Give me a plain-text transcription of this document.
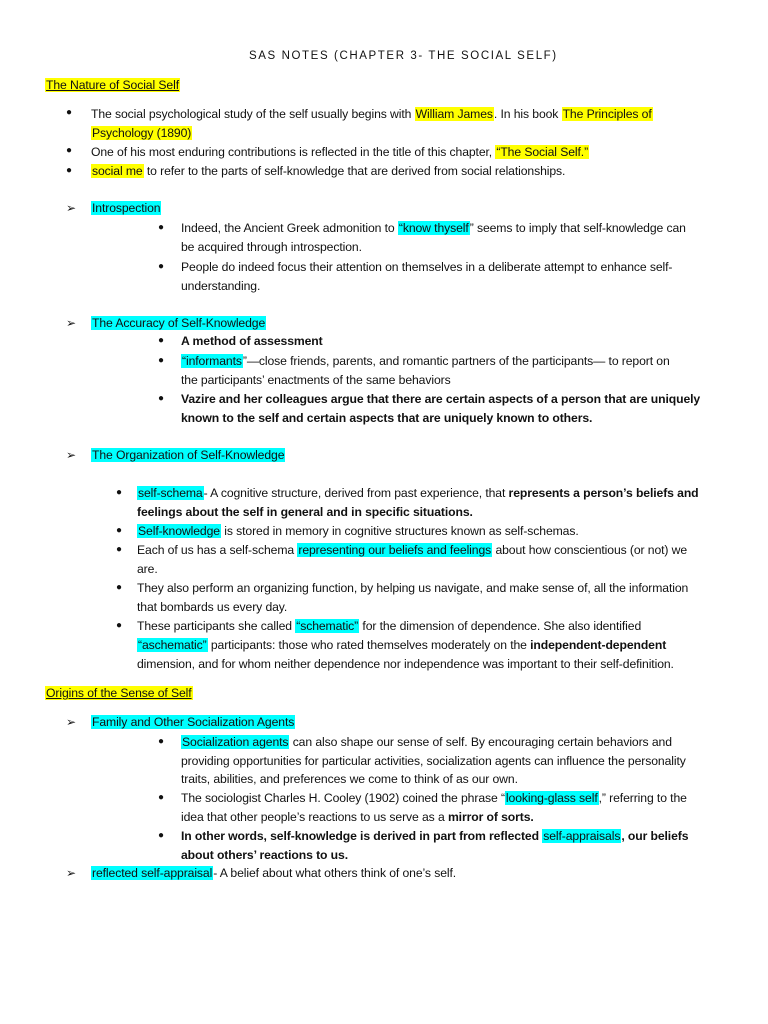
SAS NOTES (CHAPTER 3- THE SOCIAL SELF)
The Nature of Social Self
● The social psychological study of the self usually begins with William James. In his book The Principles of
Psychology (1890)
● One of his most enduring contributions is reflected in the title of this chapter, “The Social Self.”
● social me to refer to the parts of self-knowledge that are derived from social relationships.
➢ Introspection
● Indeed, the Ancient Greek admonition to “know thyself” seems to imply that self-knowledge can
be acquired through introspection.
● People do indeed focus their attention on themselves in a deliberate attempt to enhance self-
understanding.
➢ The Accuracy of Self-Knowledge
● A method of assessment
● “informants”—close friends, parents, and romantic partners of the participants— to report on
the participants’ enactments of the same behaviors
● Vazire and her colleagues argue that there are certain aspects of a person that are uniquely
known to the self and certain aspects that are uniquely known to others.
➢ The Organization of Self-Knowledge
● self-schema- A cognitive structure, derived from past experience, that represents a person’s beliefs and
feelings about the self in general and in specific situations.
● Self-knowledge is stored in memory in cognitive structures known as self-schemas.
● Each of us has a self-schema representing our beliefs and feelings about how conscientious (or not) we
are.
● They also perform an organizing function, by helping us navigate, and make sense of, all the information
that bombards us every day.
● These participants she called “schematic” for the dimension of dependence. She also identified
“aschematic” participants: those who rated themselves moderately on the independent-dependent
dimension, and for whom neither dependence nor independence was important to their self-definition.
Origins of the Sense of Self
➢ Family and Other Socialization Agents
● Socialization agents can also shape our sense of self. By encouraging certain behaviors and
providing opportunities for particular activities, socialization agents can influence the personality
traits, abilities, and preferences we come to think of as our own.
● The sociologist Charles H. Cooley (1902) coined the phrase “looking-glass self,” referring to the
idea that other people’s reactions to us serve as a mirror of sorts.
● In other words, self-knowledge is derived in part from reflected self-appraisals, our beliefs
about others’ reactions to us.
➢ reflected self-appraisal- A belief about what others think of one’s self.
